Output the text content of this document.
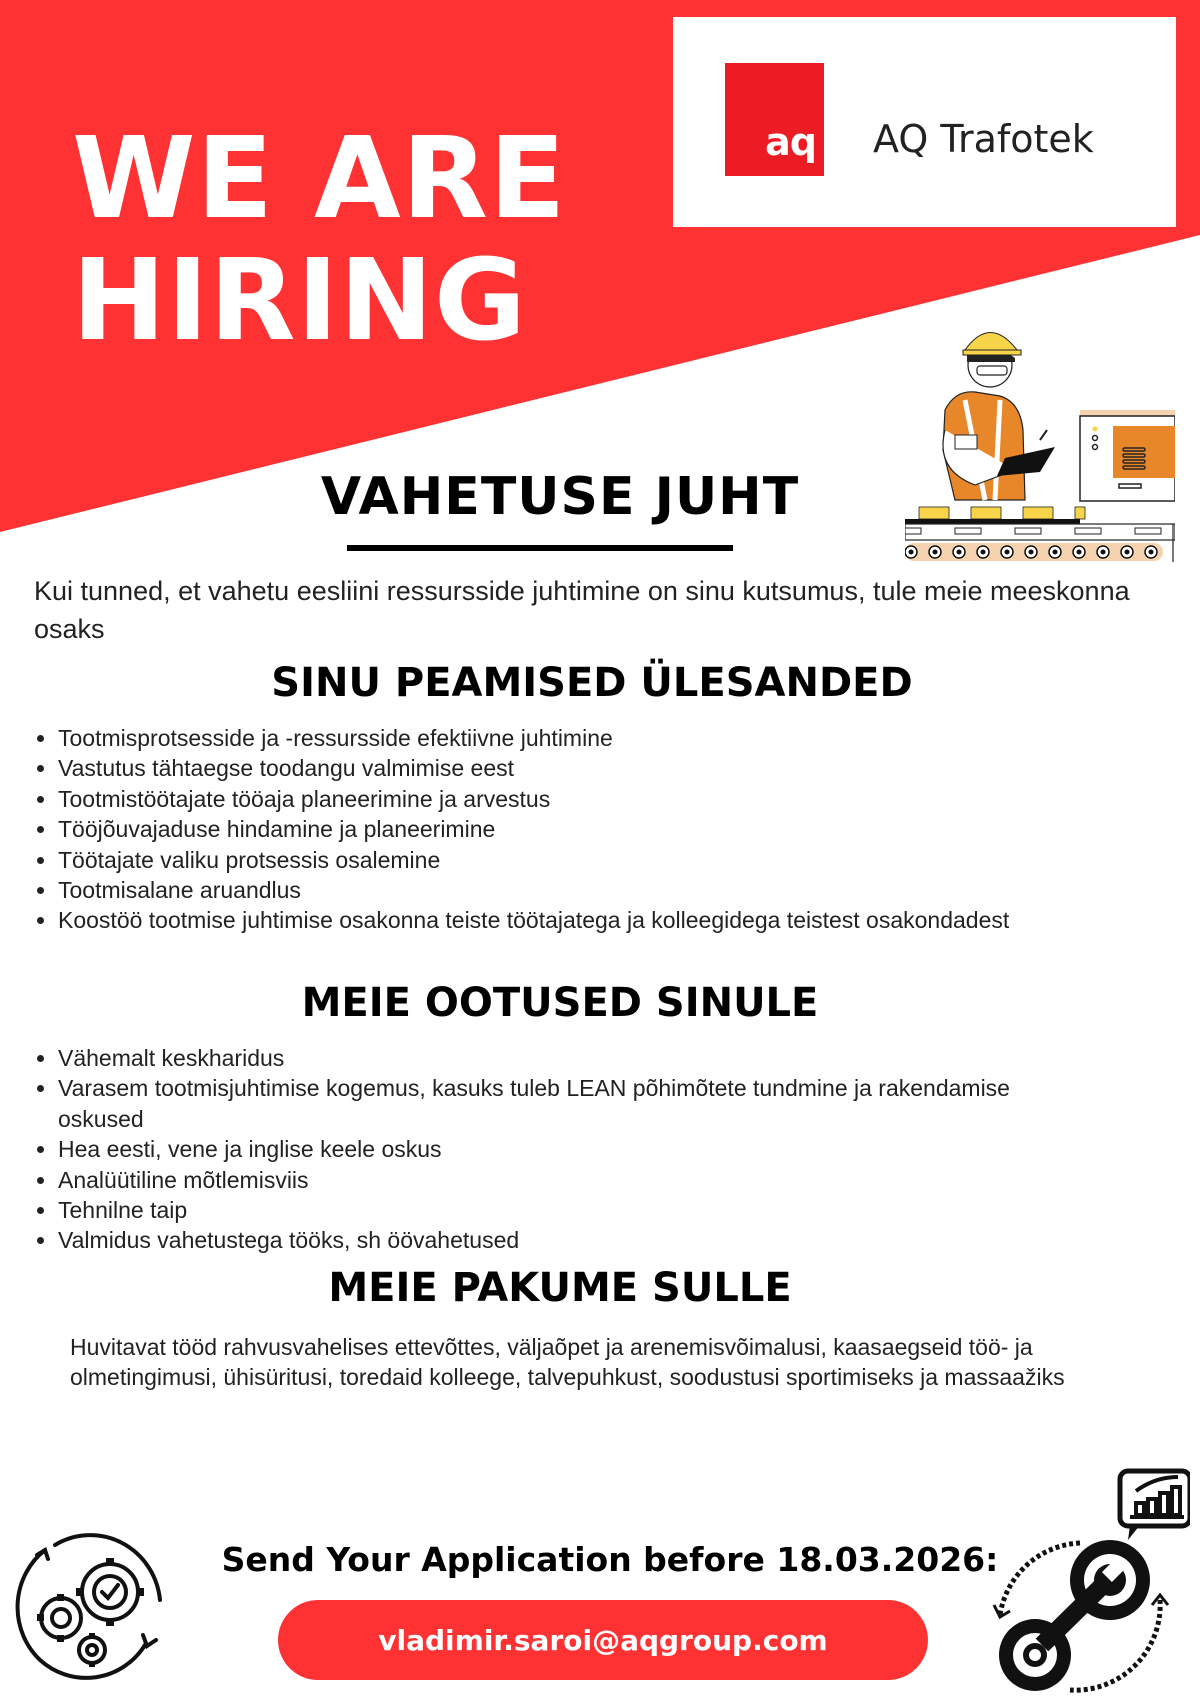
WE ARE
HIRING
aq AQ Trafotek
VAHETUSE JUHT
Kui tunned, et vahetu eesliini ressursside juhtimine on sinu kutsumus, tule meie meeskonna osaks
SINU PEAMISED ÜLESANDED
• Tootmisprotsesside ja -ressursside efektiivne juhtimine
• Vastutus tähtaegse toodangu valmimise eest
• Tootmistöötajate tööaja planeerimine ja arvestus
• Tööjõuvajaduse hindamine ja planeerimine
• Töötajate valiku protsessis osalemine
• Tootmisalane aruandlus
• Koostöö tootmise juhtimise osakonna teiste töötajatega ja kolleegidega teistest osakondadest
MEIE OOTUSED SINULE
• Vähemalt keskharidus
• Varasem tootmisjuhtimise kogemus, kasuks tuleb LEAN põhimõtete tundmine ja rakendamise oskused
• Hea eesti, vene ja inglise keele oskus
• Analüütiline mõtlemisviis
• Tehnilne taip
• Valmidus vahetustega tööks, sh öövahetused
MEIE PAKUME SULLE
Huvitavat tööd rahvusvahelises ettevõttes, väljaõpet ja arenemisvõimalusi, kaasaegseid töö- ja olmetingimusi, ühisüritusi, toredaid kolleege, talvepuhkust, soodustusi sportimiseks ja massaažiks
Send Your Application before 18.03.2026:
vladimir.saroi@aqgroup.com
